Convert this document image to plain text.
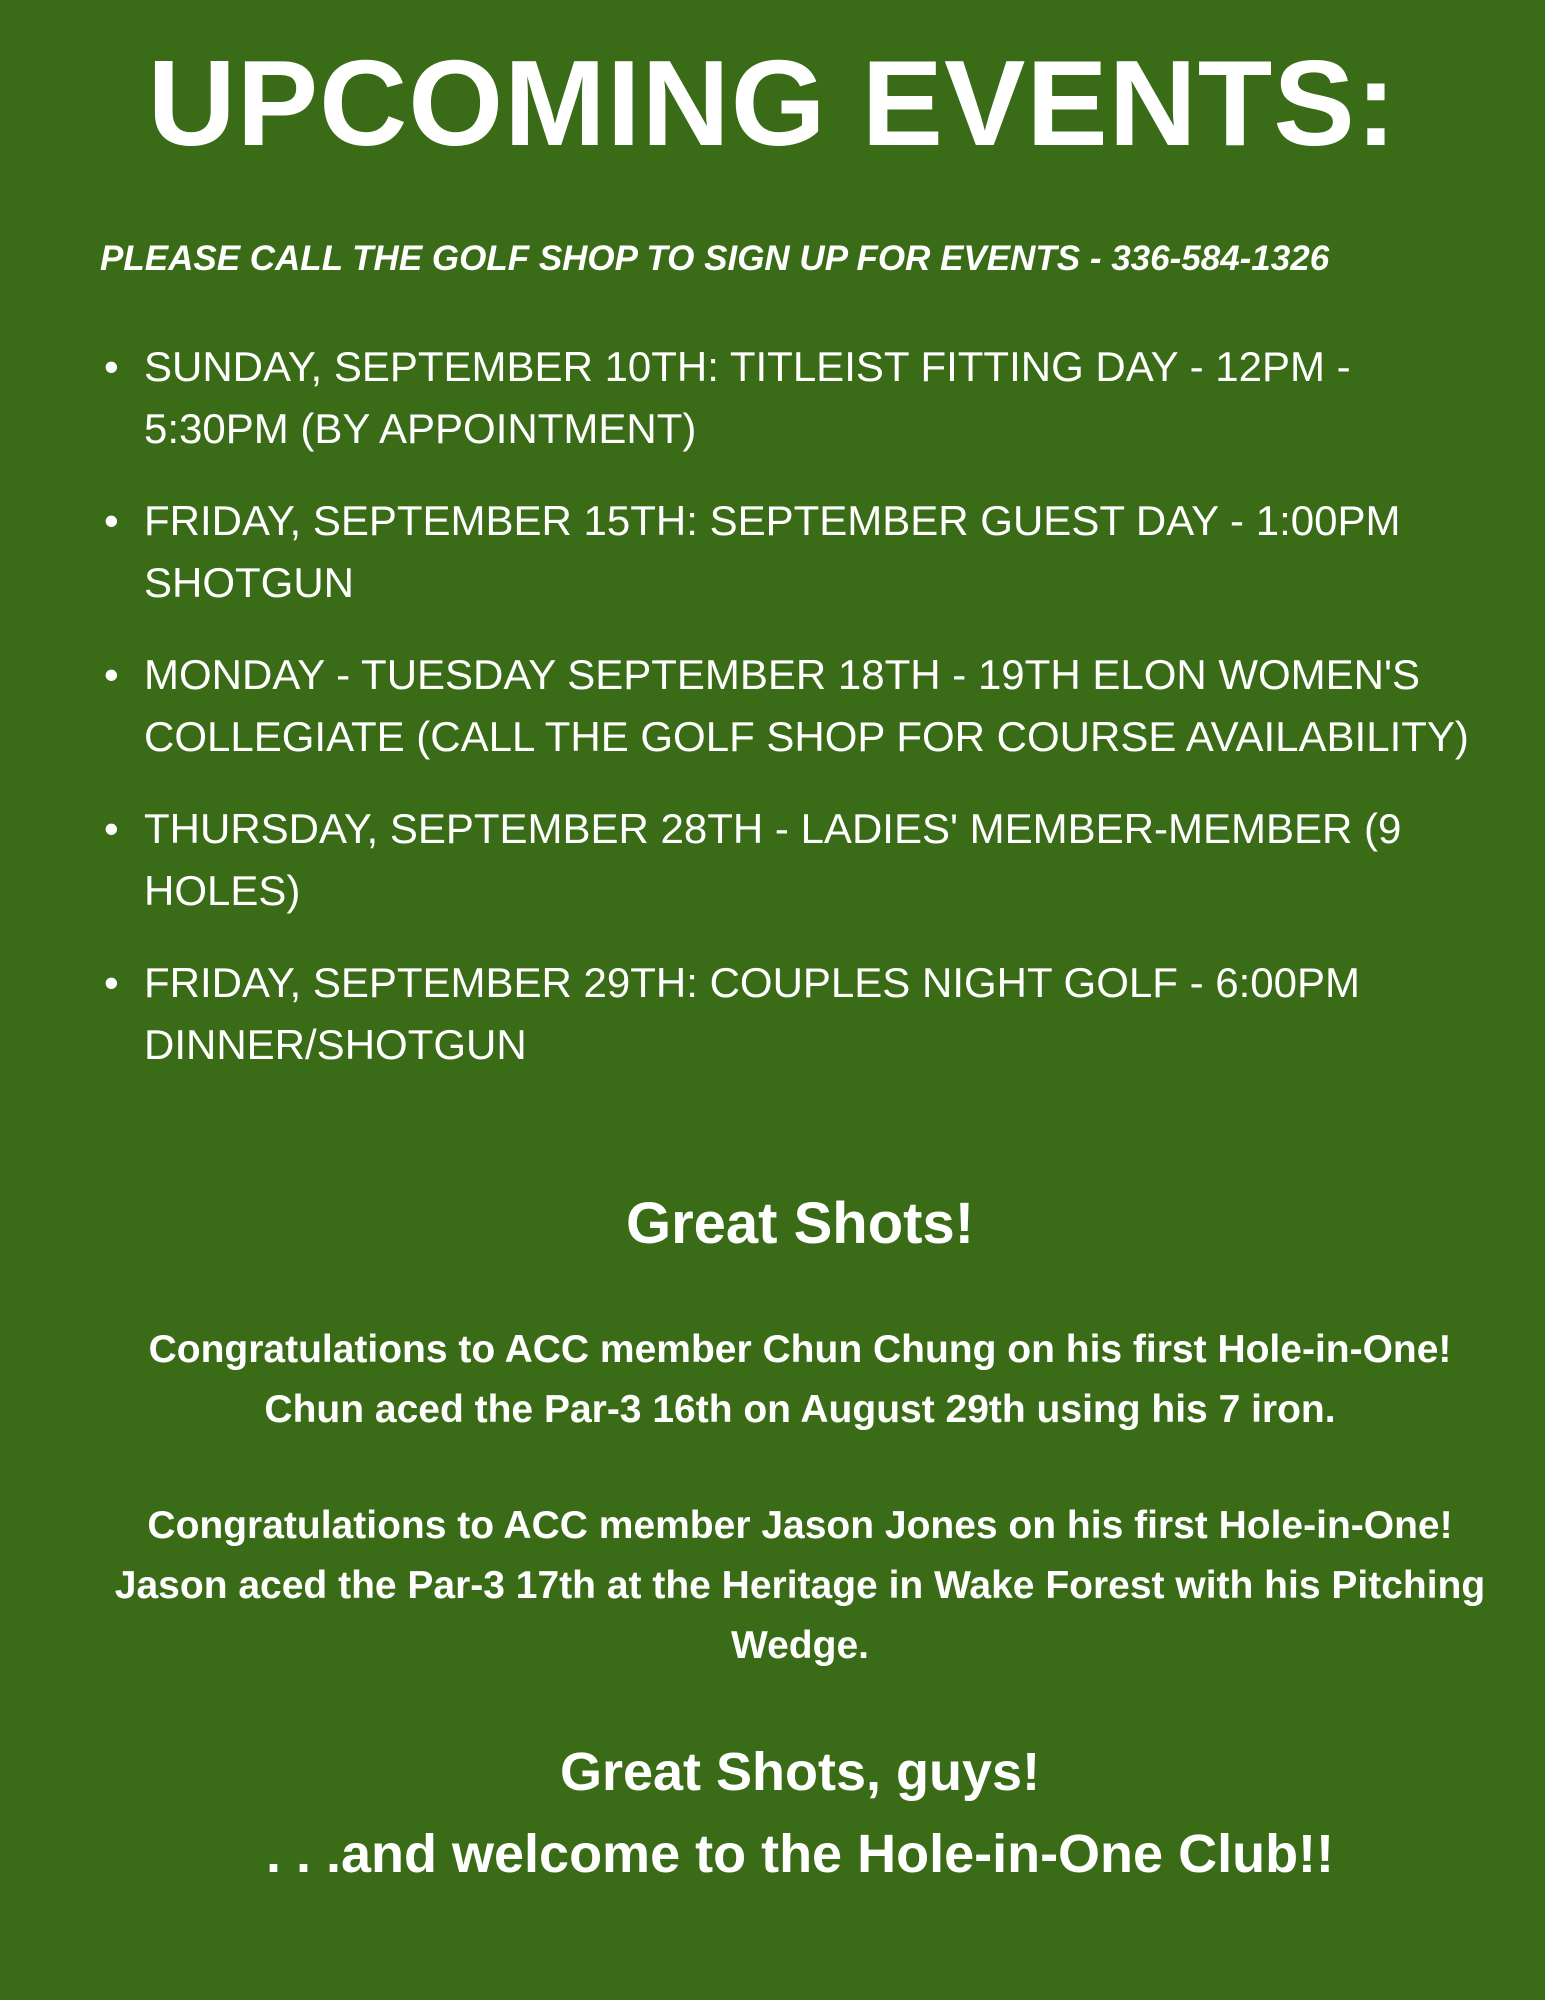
UPCOMING EVENTS:

PLEASE CALL THE GOLF SHOP TO SIGN UP FOR EVENTS - 336-584-1326

• SUNDAY, SEPTEMBER 10TH: TITLEIST FITTING DAY - 12PM - 5:30PM (BY APPOINTMENT)
• FRIDAY, SEPTEMBER 15TH: SEPTEMBER GUEST DAY - 1:00PM SHOTGUN
• MONDAY - TUESDAY SEPTEMBER 18TH - 19TH ELON WOMEN'S COLLEGIATE (CALL THE GOLF SHOP FOR COURSE AVAILABILITY)
• THURSDAY, SEPTEMBER 28TH - LADIES' MEMBER-MEMBER (9 HOLES)
• FRIDAY, SEPTEMBER 29TH: COUPLES NIGHT GOLF - 6:00PM DINNER/SHOTGUN
Great Shots!

Congratulations to ACC member Chun Chung on his first Hole-in-One! Chun aced the Par-3 16th on August 29th using his 7 iron.

Congratulations to ACC member Jason Jones on his first Hole-in-One! Jason aced the Par-3 17th at the Heritage in Wake Forest with his Pitching Wedge.

Great Shots, guys!

. . .and welcome to the Hole-in-One Club!!
